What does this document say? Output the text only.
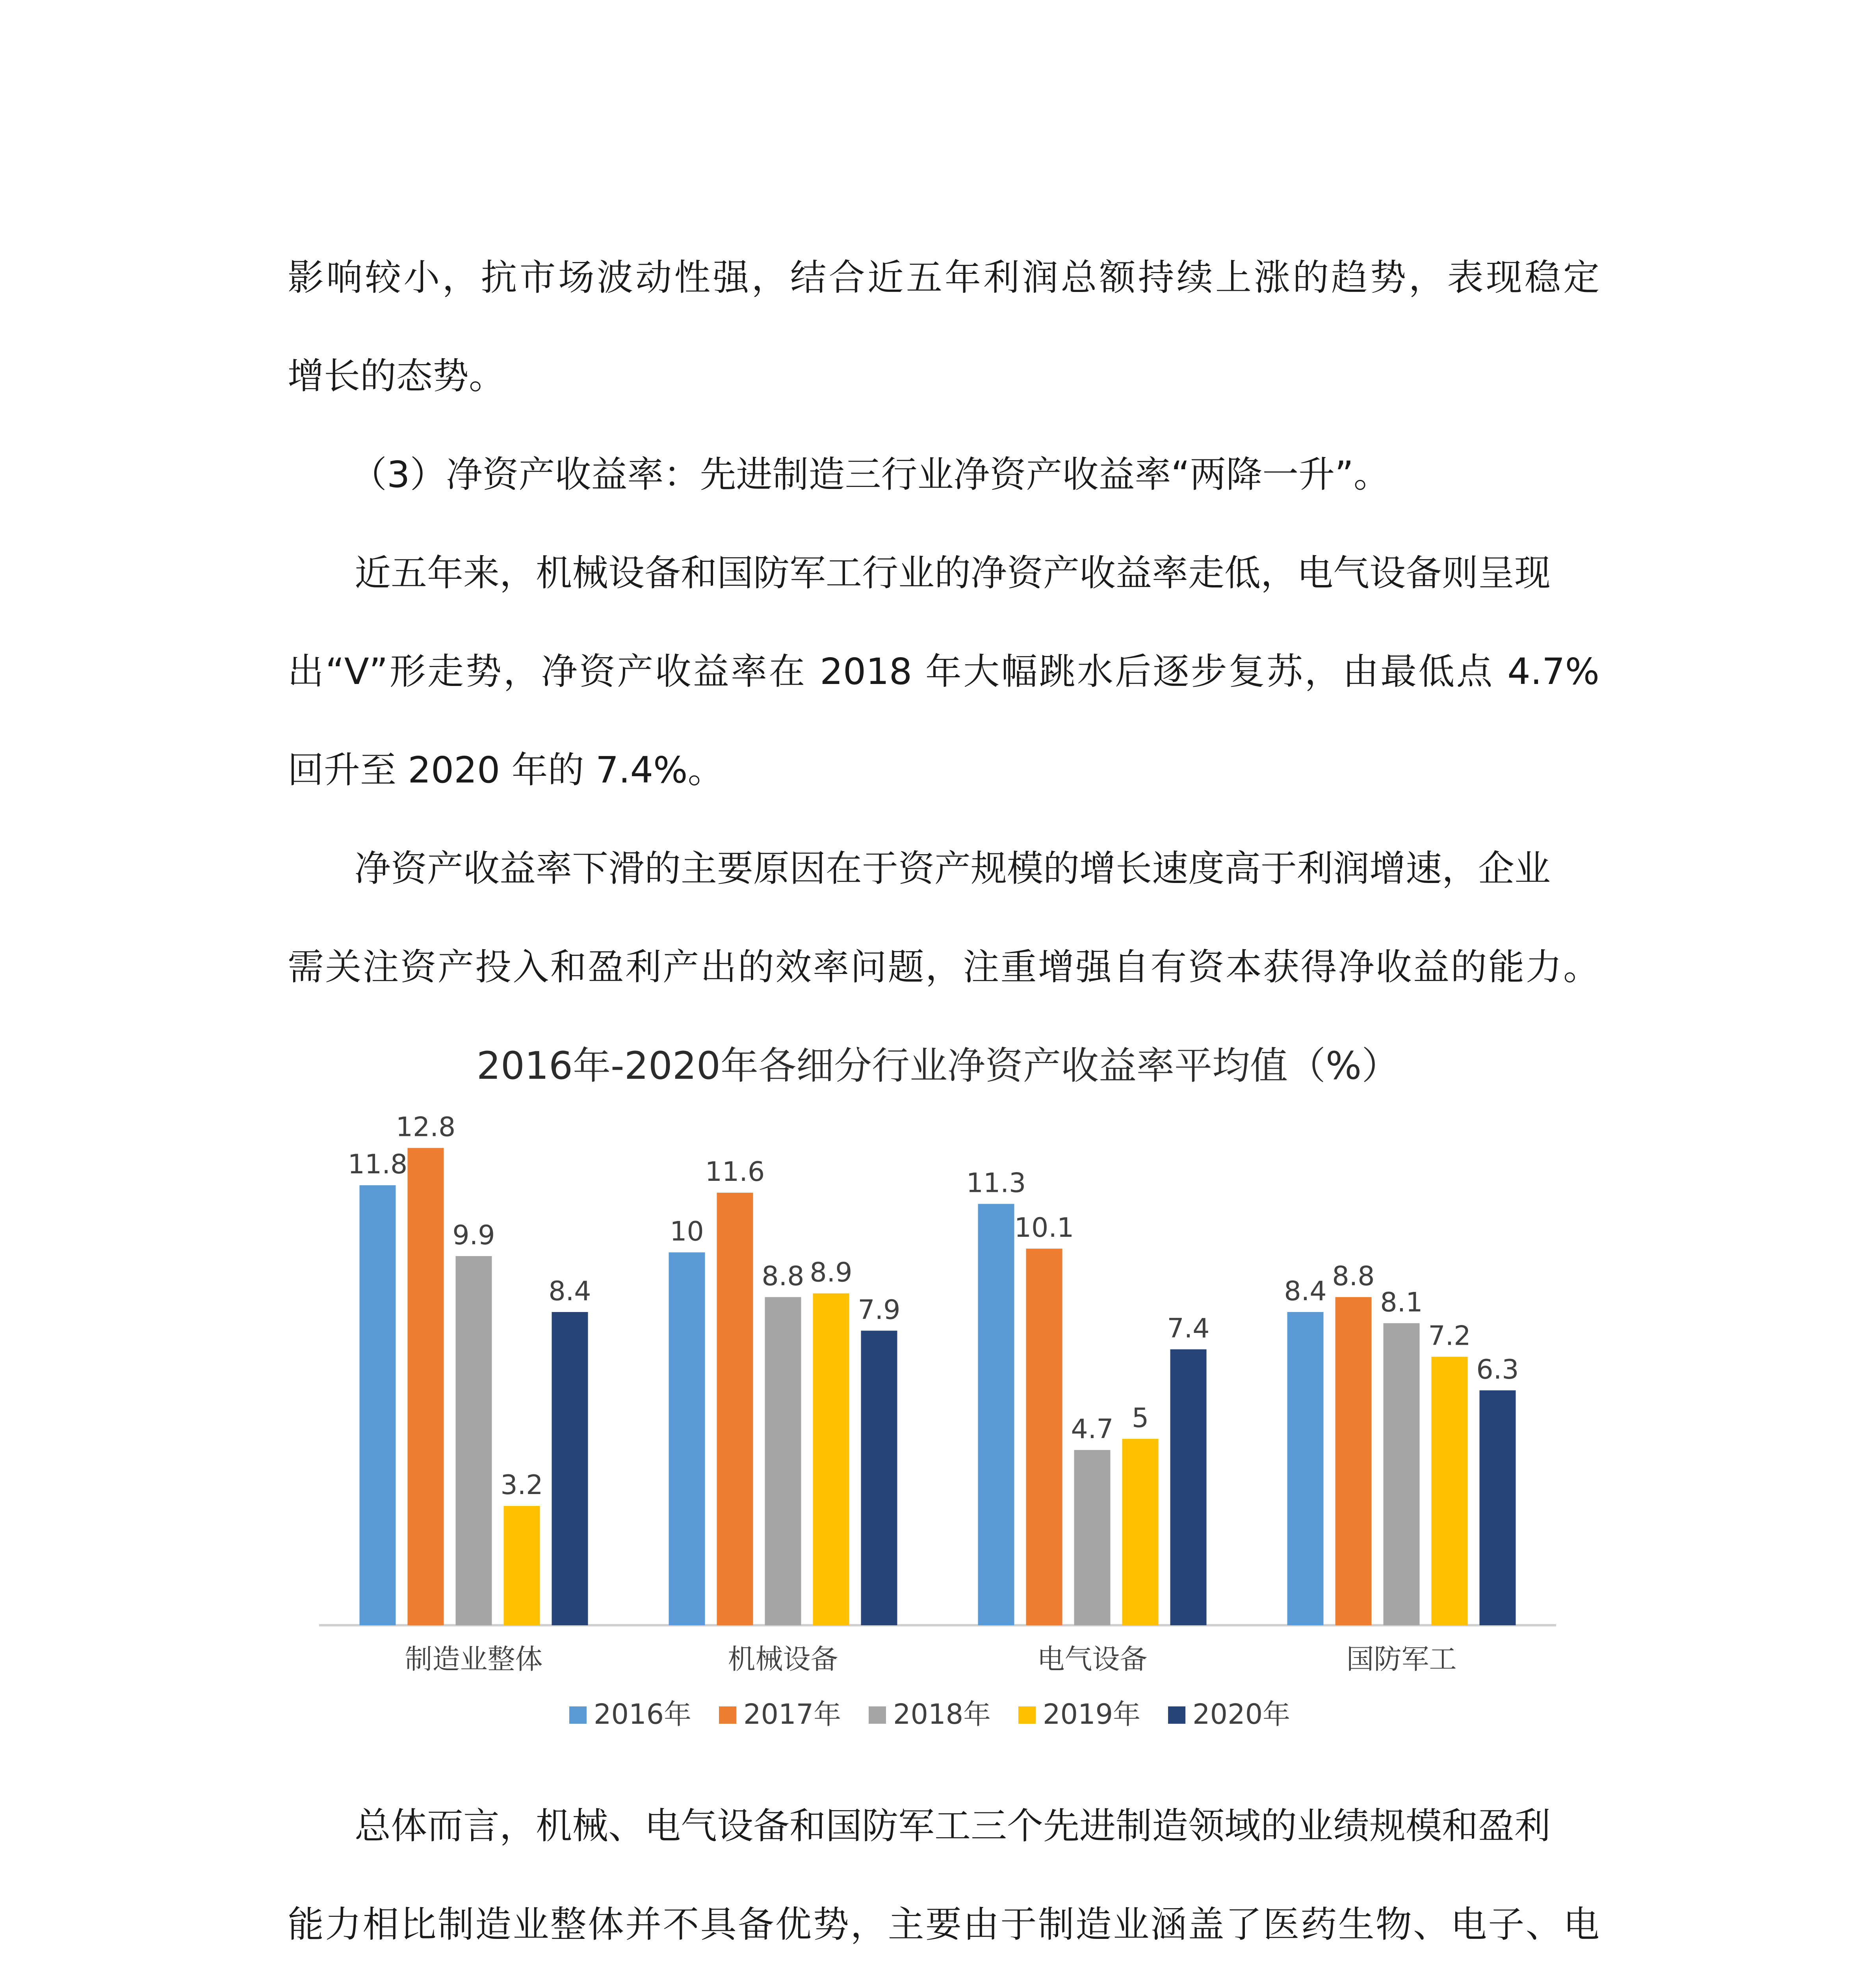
影响较小，抗市场波动性强，结合近五年利润总额持续上涨的趋势，表现稳定
增长的态势。
（3）净资产收益率：先进制造三行业净资产收益率“两降一升”。
近五年来，机械设备和国防军工行业的净资产收益率走低，电气设备则呈现
出“V”形走势，净资产收益率在 2018 年大幅跳水后逐步复苏，由最低点 4.7%
回升至 2020 年的 7.4%。
净资产收益率下滑的主要原因在于资产规模的增长速度高于利润增速，企业
需关注资产投入和盈利产出的效率问题，注重增强自有资本获得净收益的能力。
2016年-2020年各细分行业净资产收益率平均值（%）
11.8
12.8
9.9
3.2
8.4
制造业整体
10
11.6
8.8 8.9
7.9
机械设备
11.3
10.1
4.7 5
7.4
电气设备
8.4 8.8
8.1
7.2
6.3
国防军工
2016年 2017年 2018年 2019年 2020年
总体而言，机械、电气设备和国防军工三个先进制造领域的业绩规模和盈利
能力相比制造业整体并不具备优势，主要由于制造业涵盖了医药生物、电子、电
